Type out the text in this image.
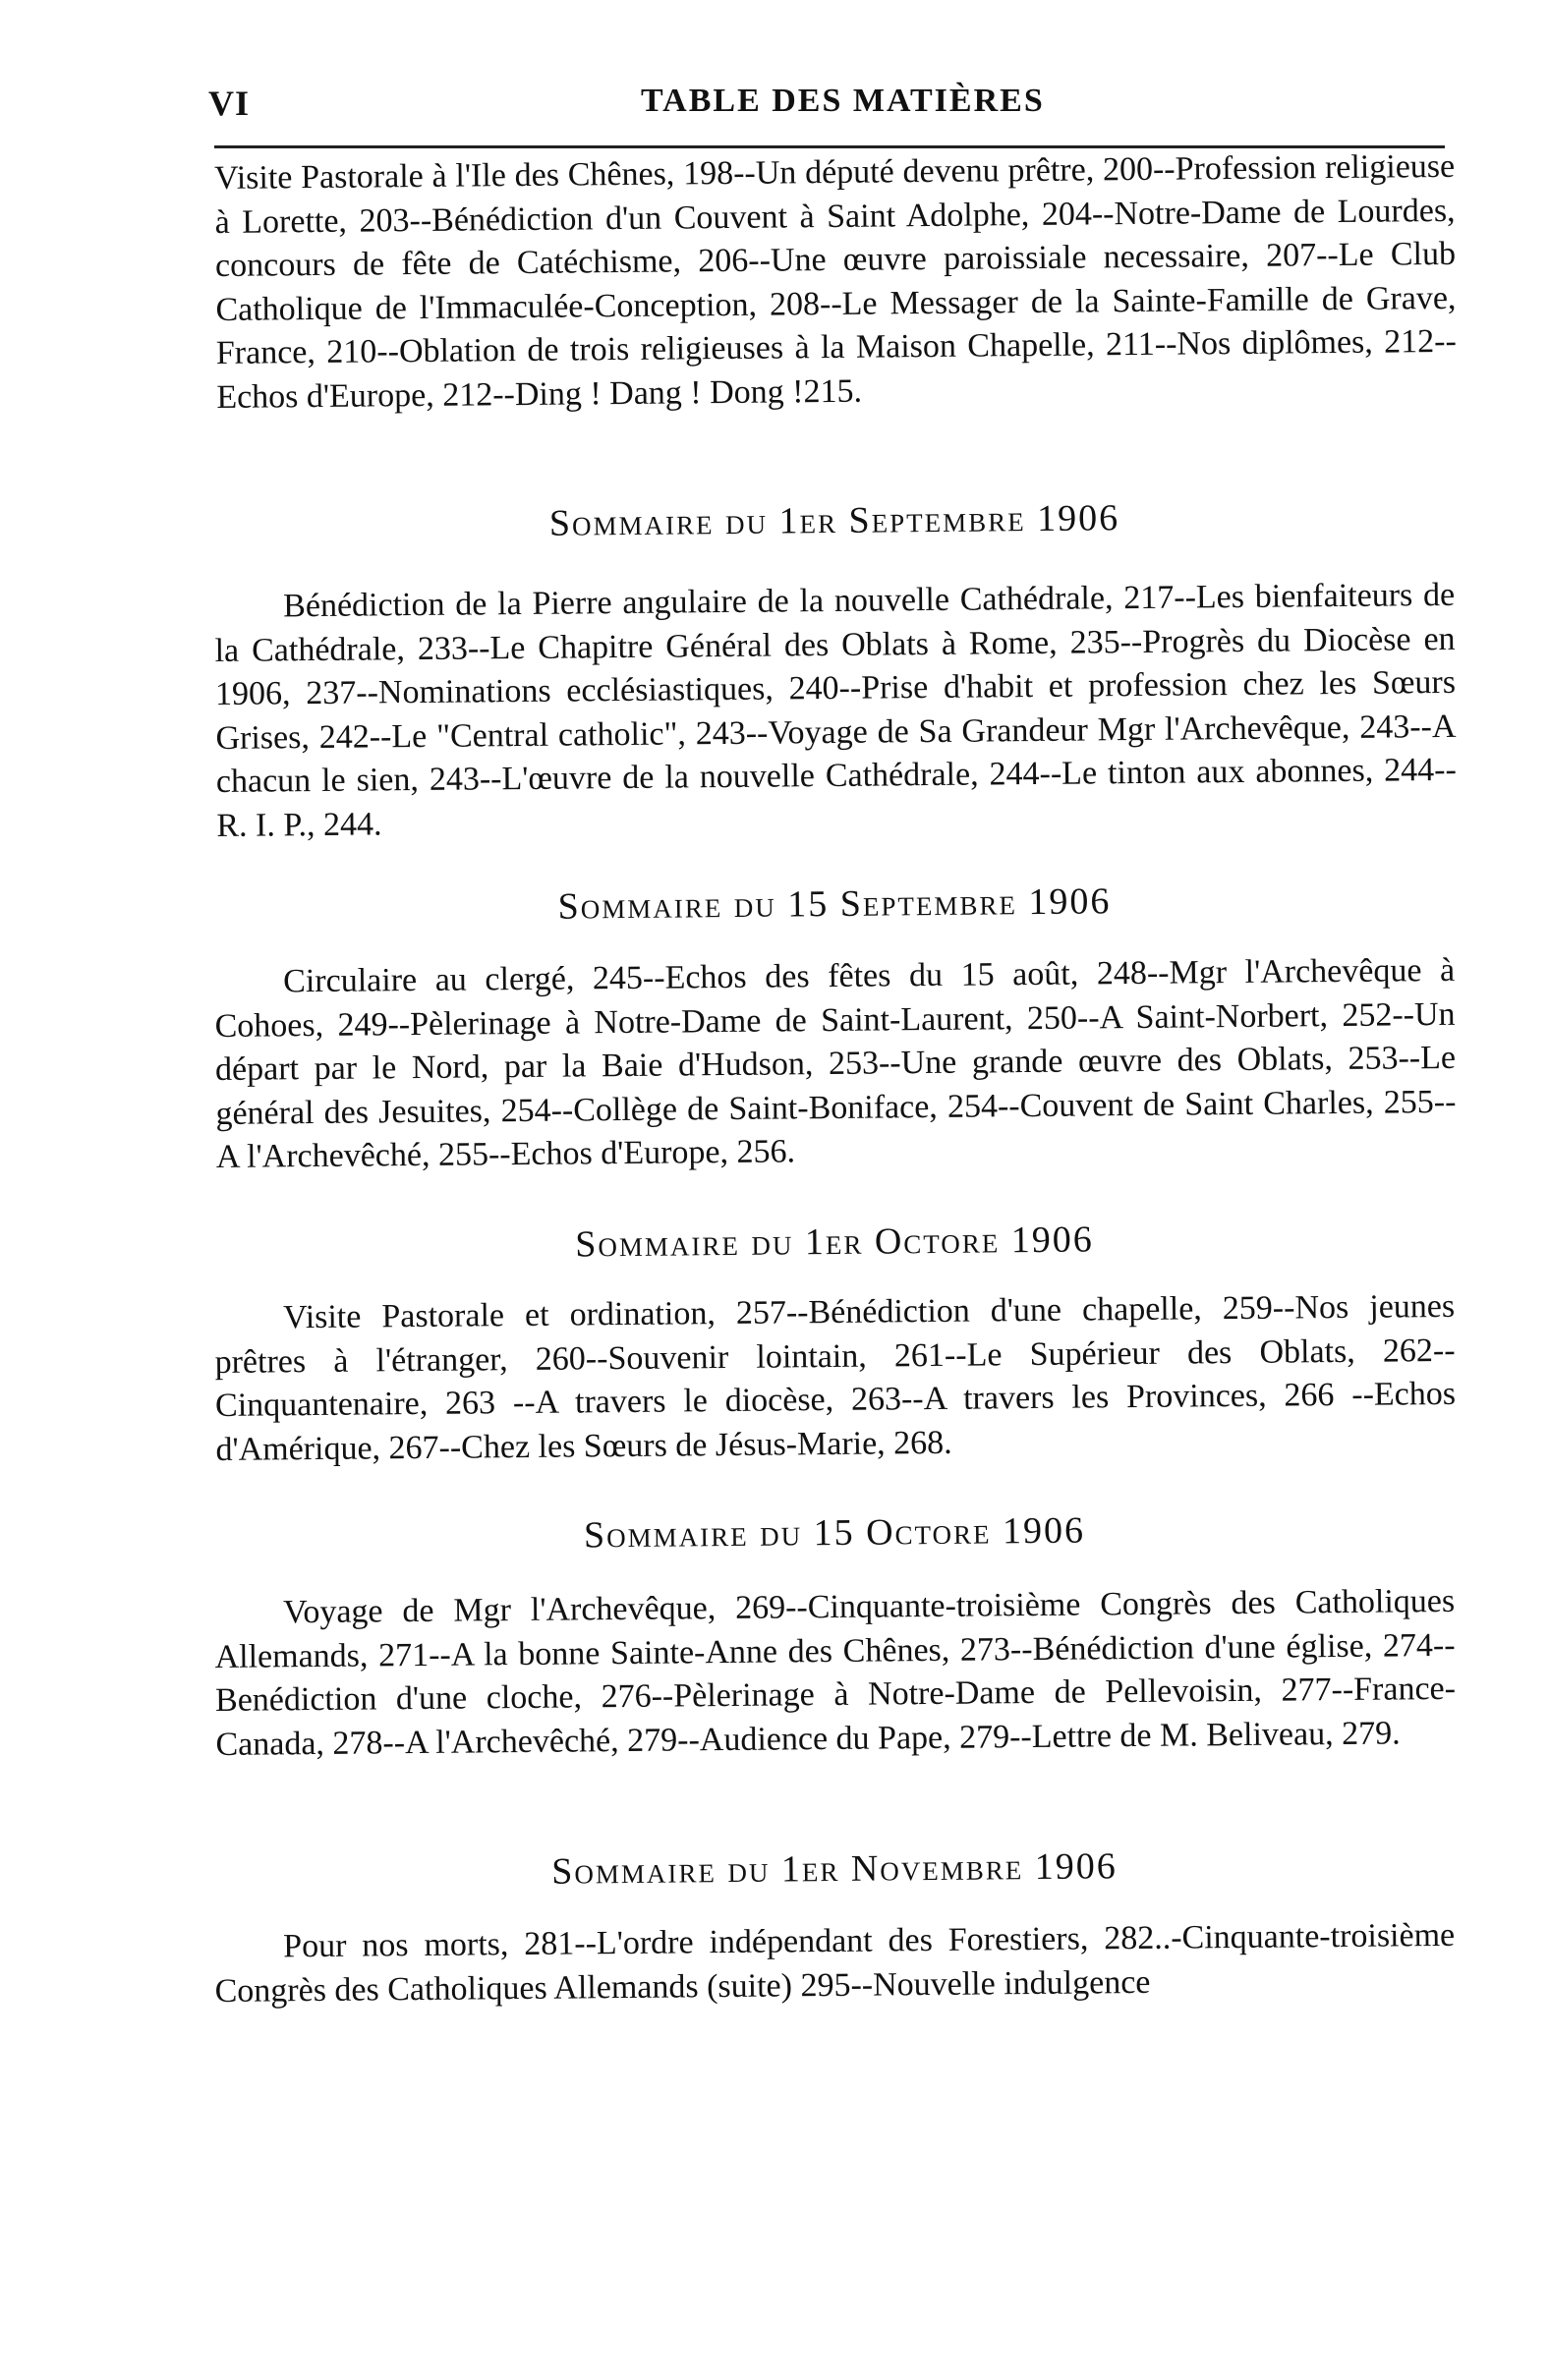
VI	TABLE DES MATIÈRES
Visite Pastorale à l'Ile des Chênes, 198--Un député devenu prêtre, 200--Profession religieuse à Lorette, 203--Bénédiction d'un Couvent à Saint Adolphe, 204--Notre-Dame de Lourdes, concours de fête de Catéchisme, 206--Une œuvre paroissiale necessaire, 207--Le Club Catholique de l'Immaculée-Conception, 208--Le Messager de la Sainte-Famille de Grave, France, 210--Oblation de trois religieuses à la Maison Chapelle, 211--Nos diplômes, 212--Echos d'Europe, 212--Ding ! Dang ! Dong !215.
Sommaire du 1er Septembre 1906
Bénédiction de la Pierre angulaire de la nouvelle Cathédrale, 217--Les bienfaiteurs de la Cathédrale, 233--Le Chapitre Général des Oblats à Rome, 235--Progrès du Diocèse en 1906, 237--Nominations ecclésiastiques, 240--Prise d'habit et profession chez les Sœurs Grises, 242--Le "Central catholic", 243--Voyage de Sa Grandeur Mgr l'Archevêque, 243--A chacun le sien, 243--L'œuvre de la nouvelle Cathédrale, 244--Le tinton aux abonnes, 244--R. I. P., 244.
Sommaire du 15 Septembre 1906
Circulaire au clergé, 245--Echos des fêtes du 15 août, 248--Mgr l'Archevêque à Cohoes, 249--Pèlerinage à Notre-Dame de Saint-Laurent, 250--A Saint-Norbert, 252--Un départ par le Nord, par la Baie d'Hudson, 253--Une grande œuvre des Oblats, 253--Le général des Jesuites, 254--Collège de Saint-Boniface, 254--Couvent de Saint Charles, 255--A l'Archevêché, 255--Echos d'Europe, 256.
Sommaire du 1er Octore 1906
Visite Pastorale et ordination, 257--Bénédiction d'une chapelle, 259--Nos jeunes prêtres à l'étranger, 260--Souvenir lointain, 261--Le Supérieur des Oblats, 262--Cinquantenaire, 263 --A travers le diocèse, 263--A travers les Provinces, 266 --Echos d'Amérique, 267--Chez les Sœurs de Jésus-Marie, 268.
Sommaire du 15 Octore 1906
Voyage de Mgr l'Archevêque, 269--Cinquante-troisième Congrès des Catholiques Allemands, 271--A la bonne Sainte-Anne des Chênes, 273--Bénédiction d'une église, 274--Benédiction d'une cloche, 276--Pèlerinage à Notre-Dame de Pellevoisin, 277--France-Canada, 278--A l'Archevêché, 279--Audience du Pape, 279--Lettre de M. Beliveau, 279.
Sommaire du 1er Novembre 1906
Pour nos morts, 281--L'ordre indépendant des Forestiers, 282..-Cinquante-troisième Congrès des Catholiques Allemands (suite) 295--Nouvelle indulgence
